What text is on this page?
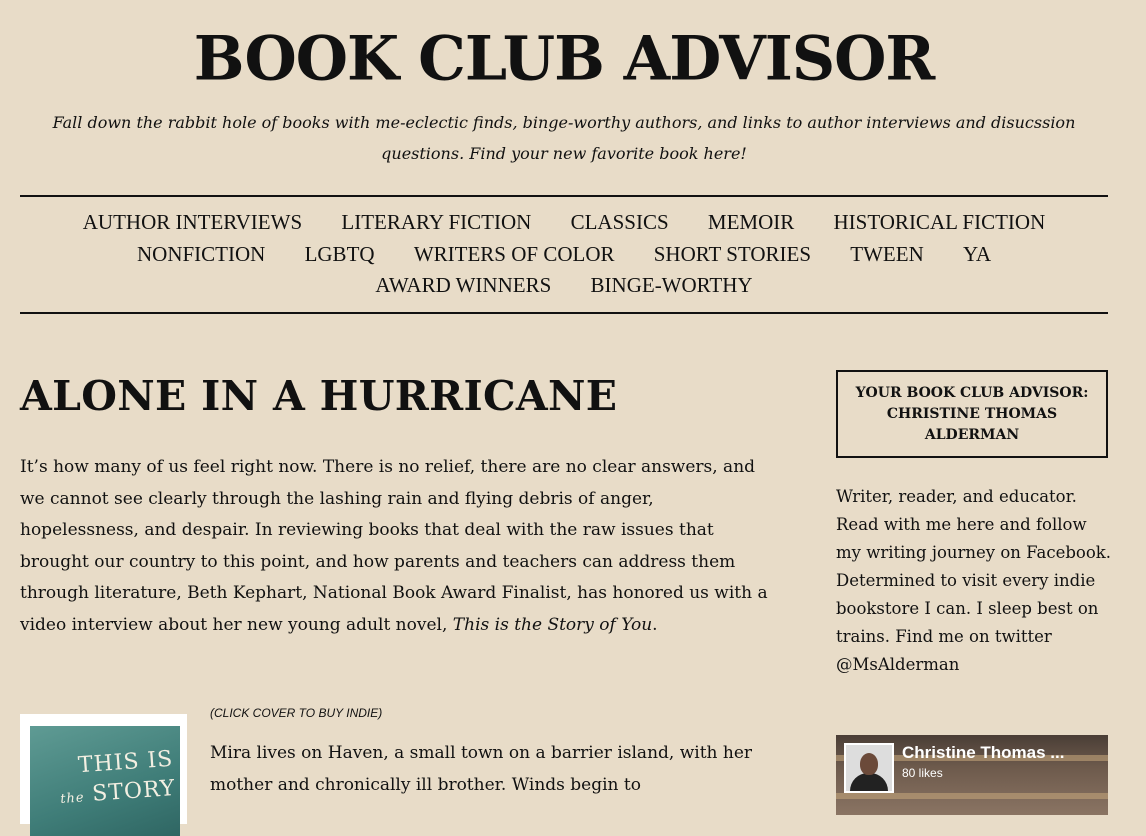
BOOK CLUB ADVISOR

Fall down the rabbit hole of books with me-eclectic finds, binge-worthy authors, and links to author interviews and disucssion questions. Find your new favorite book here!

AUTHOR INTERVIEWS LITERARY FICTION CLASSICS MEMOIR HISTORICAL FICTION
NONFICTION LGBTQ WRITERS OF COLOR SHORT STORIES TWEEN YA
AWARD WINNERS BINGE-WORTHY
ALONE IN A HURRICANE

It’s how many of us feel right now. There is no relief, there are no clear answers, and we cannot see clearly through the lashing rain and flying debris of anger, hopelessness, and despair. In reviewing books that deal with the raw issues that brought our country to this point, and how parents and teachers can address them through literature, Beth Kephart, National Book Award Finalist, has honored us with a video interview about her new young adult novel, This is the Story of You.

THIS IS
the STORY
(CLICK COVER TO BUY INDIE)

Mira lives on Haven, a small town on a barrier island, with her mother and chronically ill brother. Winds begin to

YOUR BOOK CLUB ADVISOR: CHRISTINE THOMAS ALDERMAN

Writer, reader, and educator. Read with me here and follow my writing journey on Facebook. Determined to visit every indie bookstore I can. I sleep best on trains. Find me on twitter @MsAlderman

Christine Thomas ...
80 likes
